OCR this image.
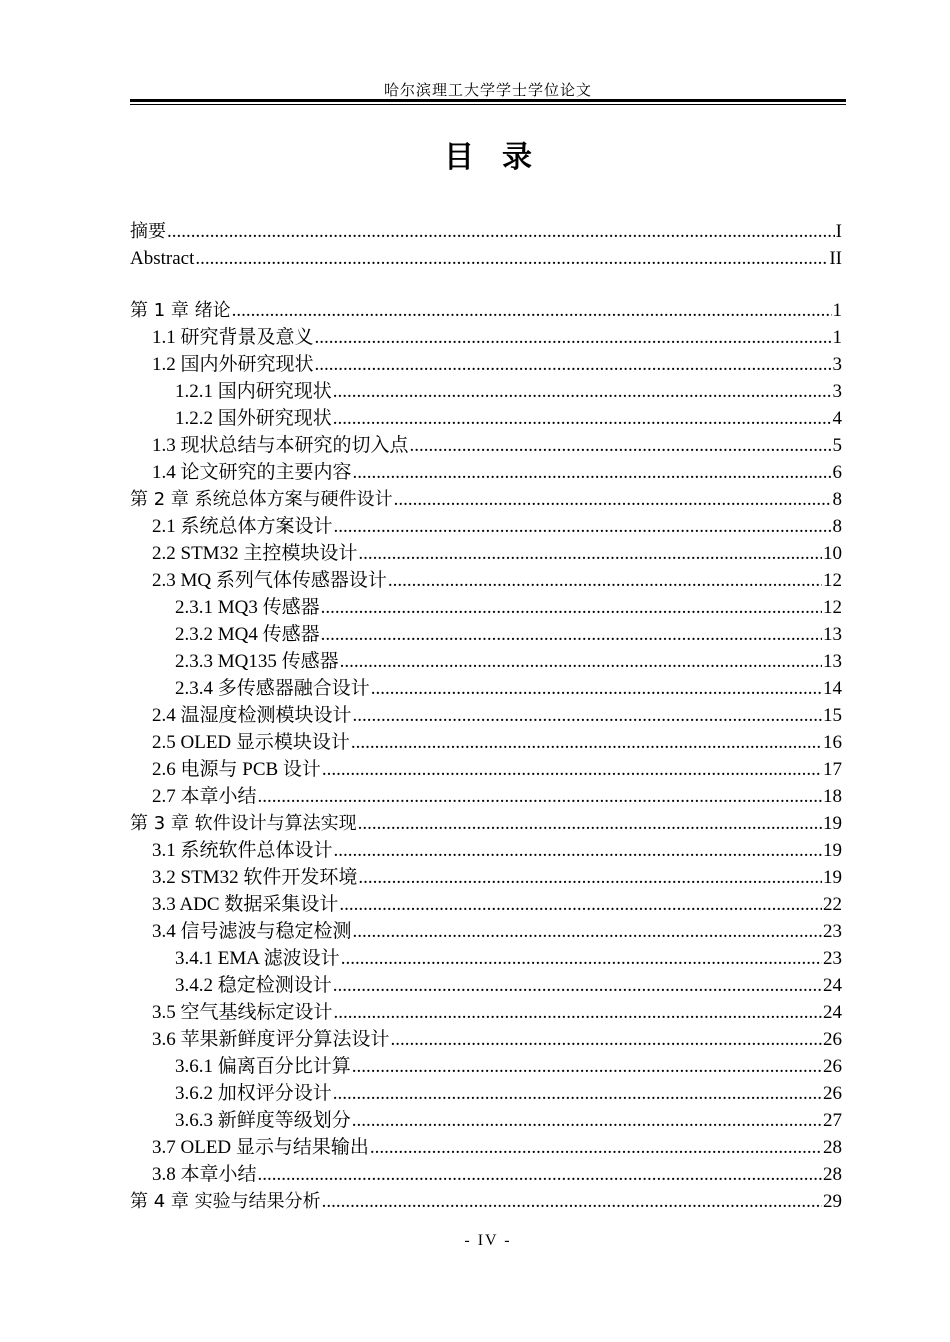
哈尔滨理工大学学士学位论文
目录
摘要 .....	I
Abstract .....	II
第 1 章 绪论 .....	1
1.1 研究背景及意义 .....	1
1.2 国内外研究现状 .....	3
1.2.1 国内研究现状 .....	3
1.2.2 国外研究现状 .....	4
1.3 现状总结与本研究的切入点 .....	5
1.4 论文研究的主要内容 .....	6
第 2 章 系统总体方案与硬件设计 .....	8
2.1 系统总体方案设计 .....	8
2.2 STM32 主控模块设计 .....	10
2.3 MQ 系列气体传感器设计 .....	12
2.3.1 MQ3 传感器 .....	12
2.3.2 MQ4 传感器 .....	13
2.3.3 MQ135 传感器 .....	13
2.3.4 多传感器融合设计 .....	14
2.4 温湿度检测模块设计 .....	15
2.5 OLED 显示模块设计 .....	16
2.6 电源与 PCB 设计 .....	17
2.7 本章小结 .....	18
第 3 章 软件设计与算法实现 .....	19
3.1 系统软件总体设计 .....	19
3.2 STM32 软件开发环境 .....	19
3.3 ADC 数据采集设计 .....	22
3.4 信号滤波与稳定检测 .....	23
3.4.1 EMA 滤波设计 .....	23
3.4.2 稳定检测设计 .....	24
3.5 空气基线标定设计 .....	24
3.6 苹果新鲜度评分算法设计 .....	26
3.6.1 偏离百分比计算 .....	26
3.6.2 加权评分设计 .....	26
3.6.3 新鲜度等级划分 .....	27
3.7 OLED 显示与结果输出 .....	28
3.8 本章小结 .....	28
第 4 章 实验与结果分析 .....	29
- IV -
